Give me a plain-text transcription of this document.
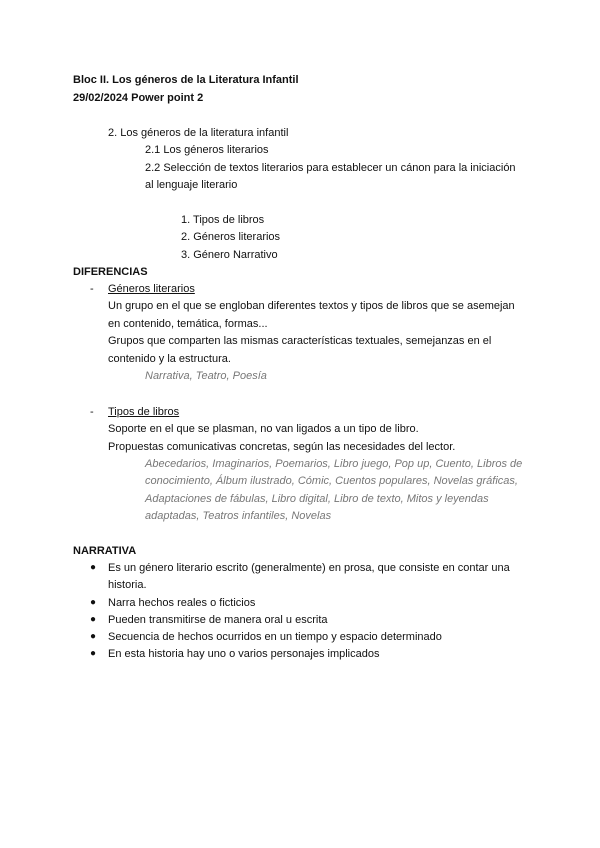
Bloc II. Los géneros de la Literatura Infantil
29/02/2024 Power point 2
2. Los géneros de la literatura infantil
2.1 Los géneros literarios
2.2 Selección de textos literarios para establecer un cánon para la iniciación
al lenguaje literario
1. Tipos de libros
2. Géneros literarios
3. Género Narrativo
DIFERENCIAS
- Géneros literarios
Un grupo en el que se engloban diferentes textos y tipos de libros que se asemejan
en contenido, temática, formas...
Grupos que comparten las mismas características textuales, semejanzas en el
contenido y la estructura.
Narrativa, Teatro, Poesía
- Tipos de libros
Soporte en el que se plasman, no van ligados a un tipo de libro.
Propuestas comunicativas concretas, según las necesidades del lector.
Abecedarios, Imaginarios, Poemarios, Libro juego, Pop up, Cuento, Libros de
conocimiento, Álbum ilustrado, Cómic, Cuentos populares, Novelas gráficas,
Adaptaciones de fábulas, Libro digital, Libro de texto, Mitos y leyendas
adaptadas, Teatros infantiles, Novelas
NARRATIVA
● Es un género literario escrito (generalmente) en prosa, que consiste en contar una
historia.
● Narra hechos reales o ficticios
● Pueden transmitirse de manera oral u escrita
● Secuencia de hechos ocurridos en un tiempo y espacio determinado
● En esta historia hay uno o varios personajes implicados
